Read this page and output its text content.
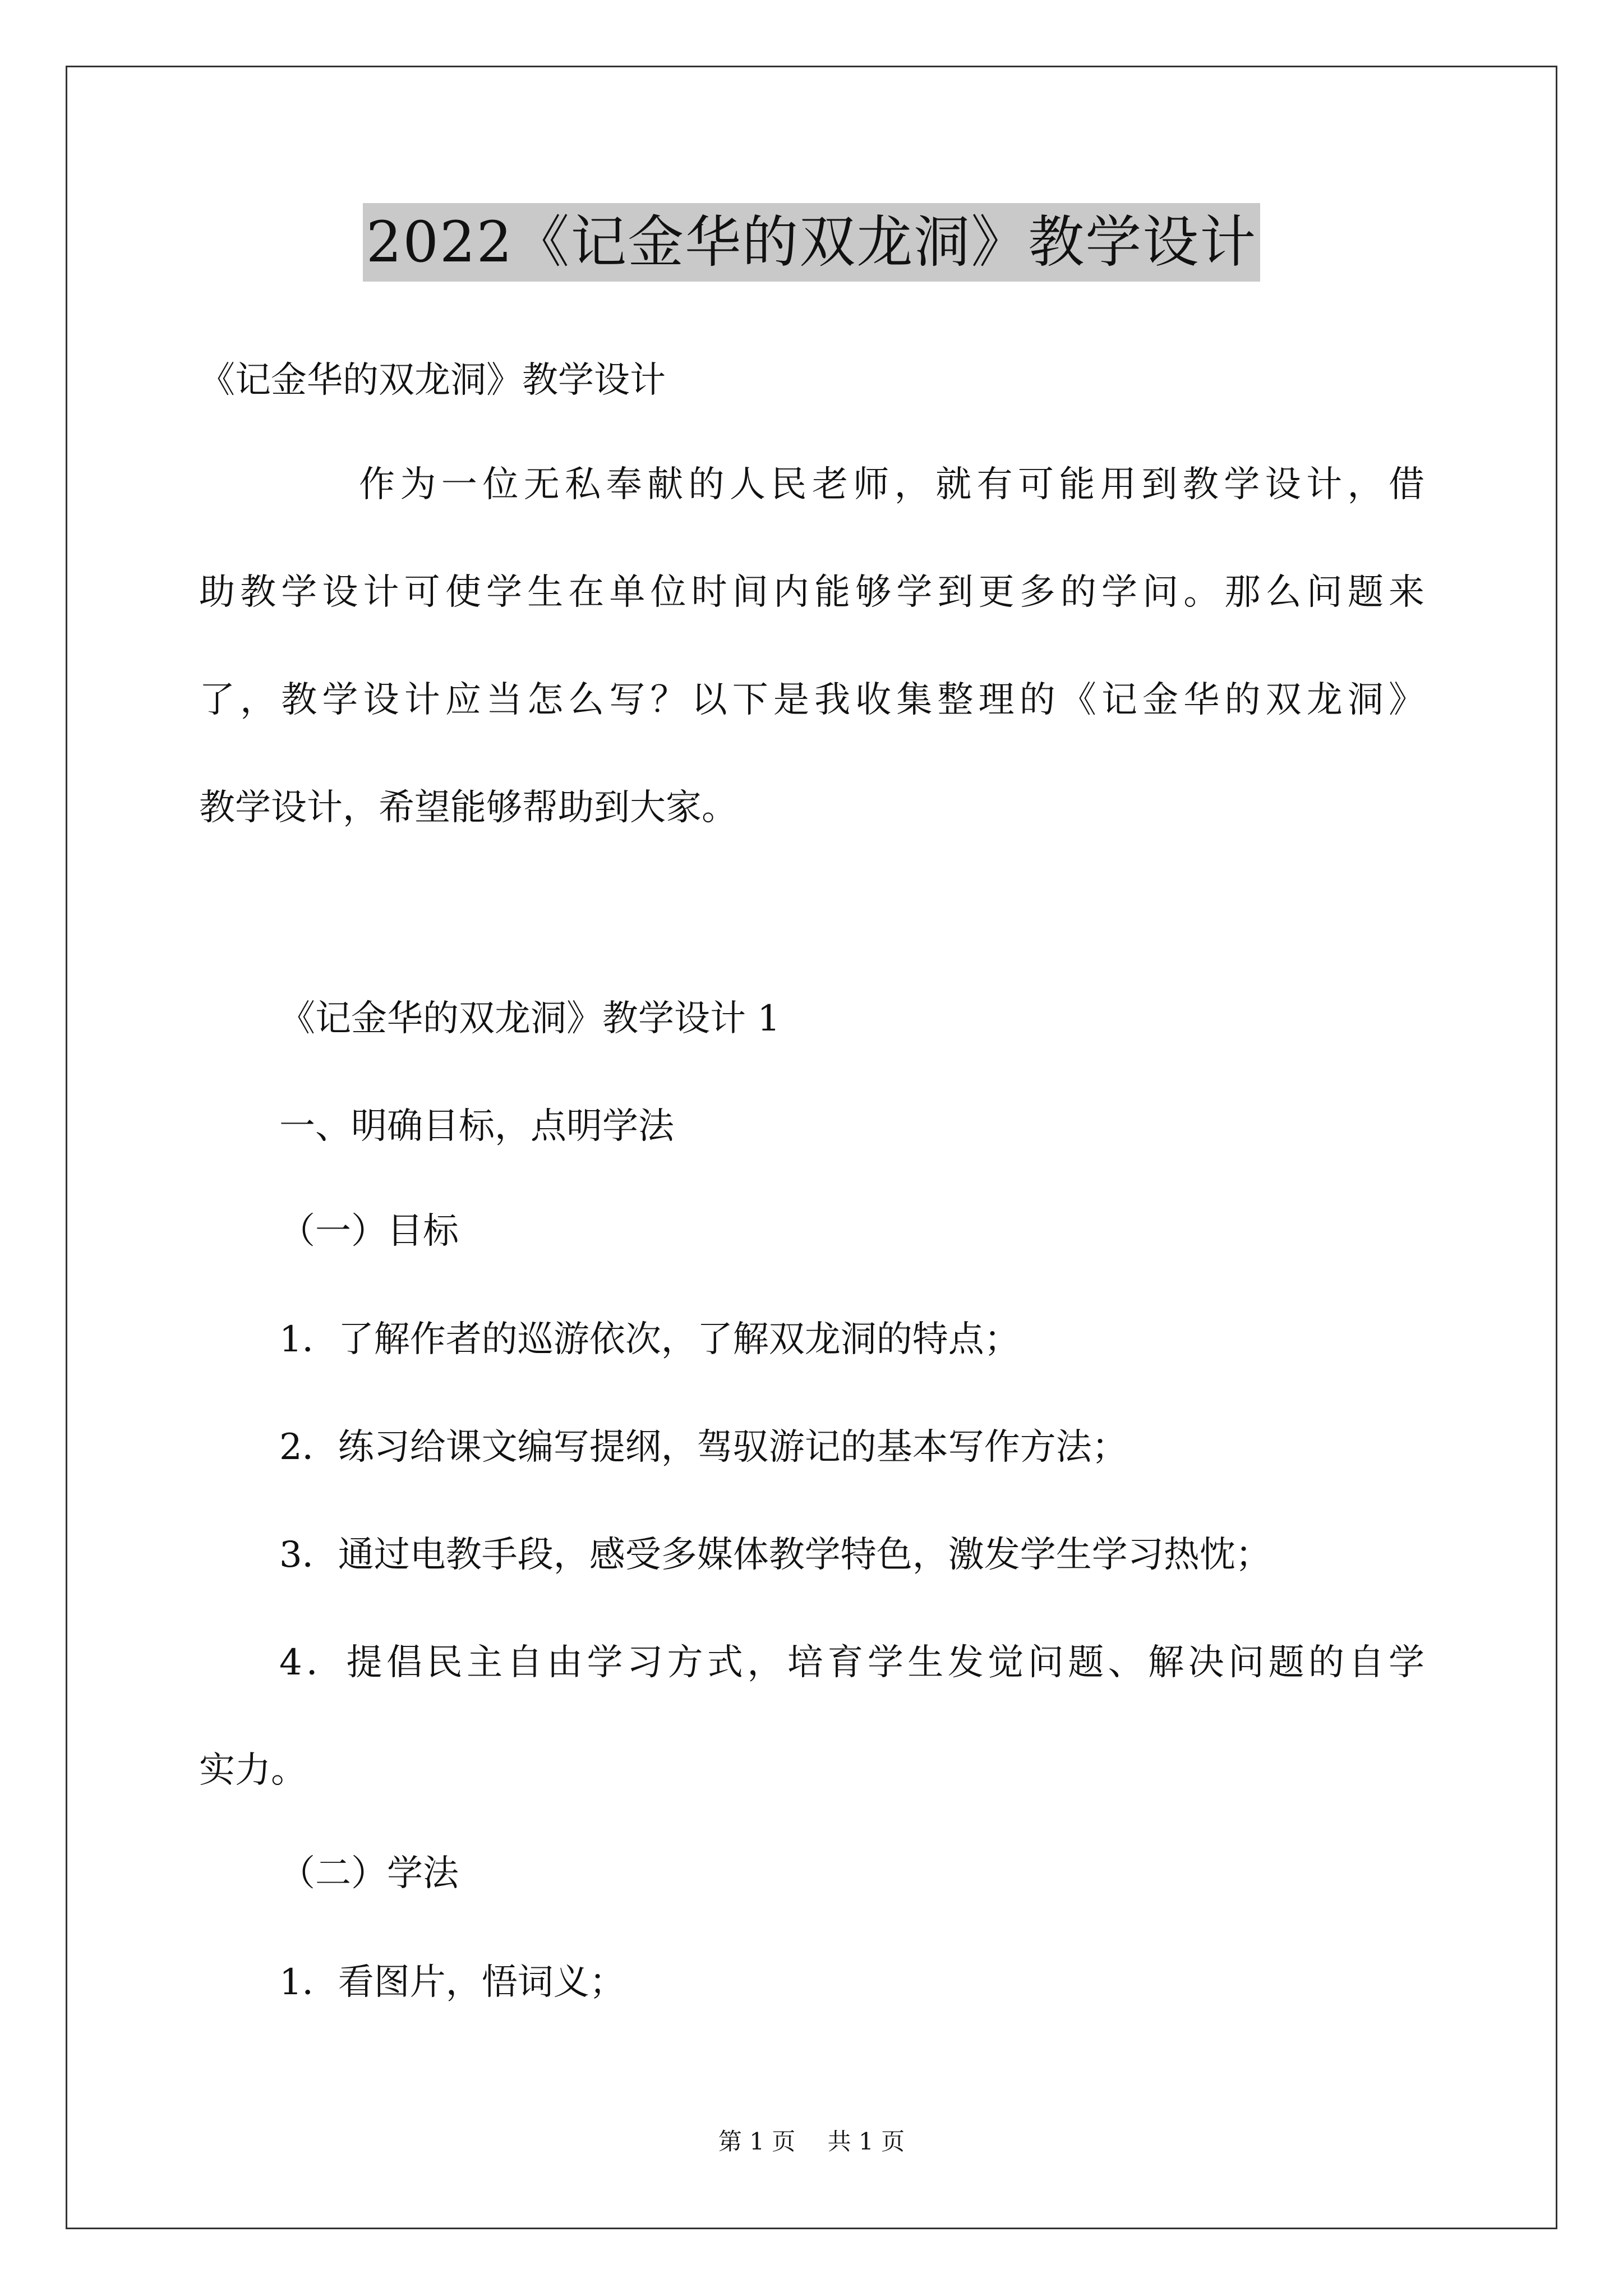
2022《记金华的双龙洞》教学设计
《记金华的双龙洞》教学设计
作为一位无私奉献的人民老师，就有可能用到教学设计，借
助教学设计可使学生在单位时间内能够学到更多的学问。那么问题来
了，教学设计应当怎么写？以下是我收集整理的《记金华的双龙洞》
教学设计，希望能够帮助到大家。
《记金华的双龙洞》教学设计 1
一、明确目标，点明学法
（一）目标
1．了解作者的巡游依次，了解双龙洞的特点；
2．练习给课文编写提纲，驾驭游记的基本写作方法；
3．通过电教手段，感受多媒体教学特色，激发学生学习热忱；
4．提倡民主自由学习方式，培育学生发觉问题、解决问题的自学
实力。
（二）学法
1．看图片，悟词义；
第 1 页 共 1 页
